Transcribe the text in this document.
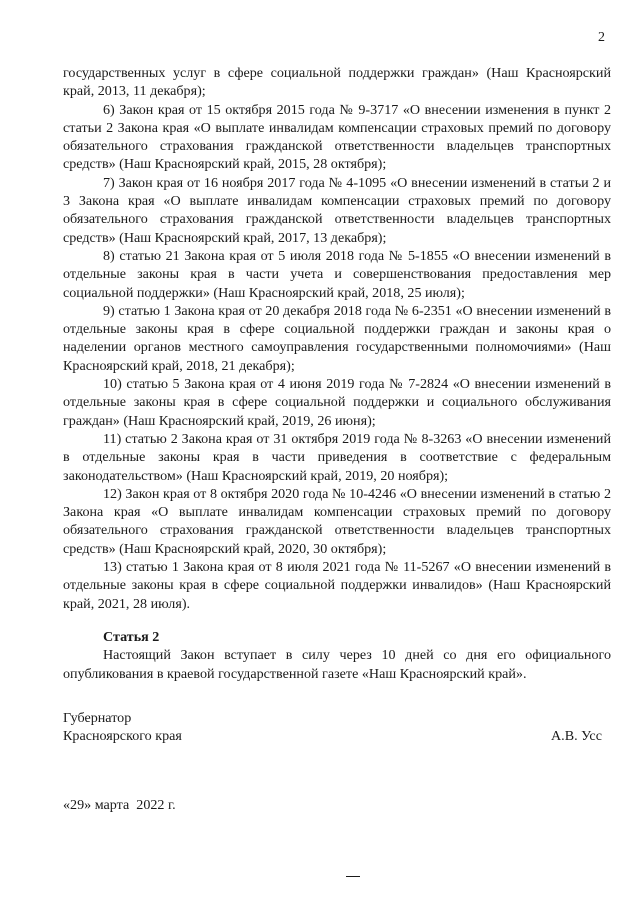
2

государственных услуг в сфере социальной поддержки граждан» (Наш Красноярский край, 2013, 11 декабря);

6) Закон края от 15 октября 2015 года № 9-3717 «О внесении изменения в пункт 2 статьи 2 Закона края «О выплате инвалидам компенсации страховых премий по договору обязательного страхования гражданской ответственности владельцев транспортных средств» (Наш Красноярский край, 2015, 28 октября);

7) Закон края от 16 ноября 2017 года № 4-1095 «О внесении изменений в статьи 2 и 3 Закона края «О выплате инвалидам компенсации страховых премий по договору обязательного страхования гражданской ответственности владельцев транспортных средств» (Наш Красноярский край, 2017, 13 декабря);

8) статью 21 Закона края от 5 июля 2018 года № 5-1855 «О внесении изменений в отдельные законы края в части учета и совершенствования предоставления мер социальной поддержки» (Наш Красноярский край, 2018, 25 июля);

9) статью 1 Закона края от 20 декабря 2018 года № 6-2351 «О внесении изменений в отдельные законы края в сфере социальной поддержки граждан и законы края о наделении органов местного самоуправления государственными полномочиями» (Наш Красноярский край, 2018, 21 декабря);

10) статью 5 Закона края от 4 июня 2019 года № 7-2824 «О внесении изменений в отдельные законы края в сфере социальной поддержки и социального обслуживания граждан» (Наш Красноярский край, 2019, 26 июня);

11) статью 2 Закона края от 31 октября 2019 года № 8-3263 «О внесении изменений в отдельные законы края в части приведения в соответствие с федеральным законодательством» (Наш Красноярский край, 2019, 20 ноября);

12) Закон края от 8 октября 2020 года № 10-4246 «О внесении изменений в статью 2 Закона края «О выплате инвалидам компенсации страховых премий по договору обязательного страхования гражданской ответственности владельцев транспортных средств» (Наш Красноярский край, 2020, 30 октября);

13) статью 1 Закона края от 8 июля 2021 года № 11-5267 «О внесении изменений в отдельные законы края в сфере социальной поддержки инвалидов» (Наш Красноярский край, 2021, 28 июля).

Статья 2

Настоящий Закон вступает в силу через 10 дней со дня его официального опубликования в краевой государственной газете «Наш Красноярский край».

Губернатор
Красноярского края	А.В. Усс
«29» марта  2022 г.
